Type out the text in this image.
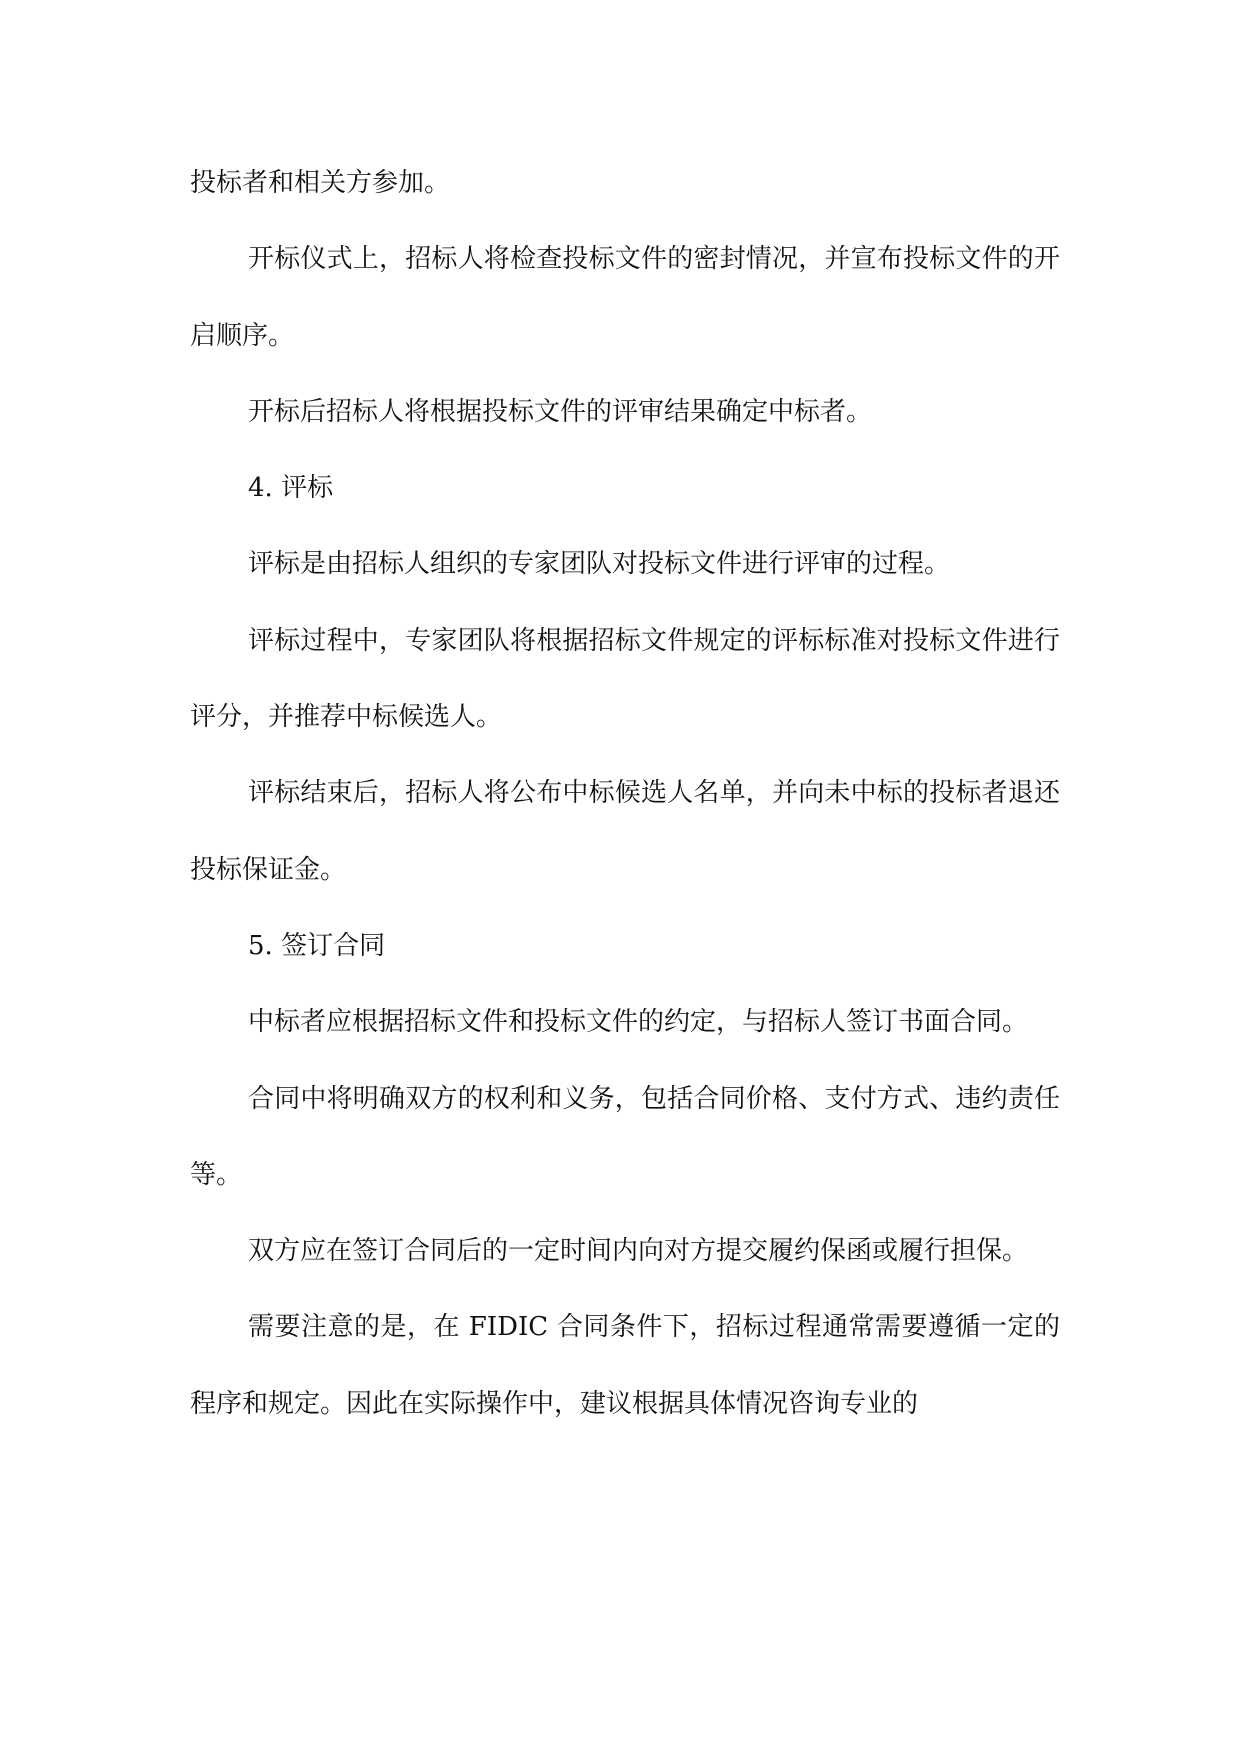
投标者和相关方参加。

开标仪式上，招标人将检查投标文件的密封情况，并宣布投标文件的开启顺序。

开标后招标人将根据投标文件的评审结果确定中标者。

4. 评标

评标是由招标人组织的专家团队对投标文件进行评审的过程。

评标过程中，专家团队将根据招标文件规定的评标标准对投标文件进行评分，并推荐中标候选人。

评标结束后，招标人将公布中标候选人名单，并向未中标的投标者退还投标保证金。

5. 签订合同

中标者应根据招标文件和投标文件的约定，与招标人签订书面合同。

合同中将明确双方的权利和义务，包括合同价格、支付方式、违约责任等。

双方应在签订合同后的一定时间内向对方提交履约保函或履行担保。

需要注意的是，在 FIDIC 合同条件下，招标过程通常需要遵循一定的程序和规定。因此在实际操作中，建议根据具体情况咨询专业的
